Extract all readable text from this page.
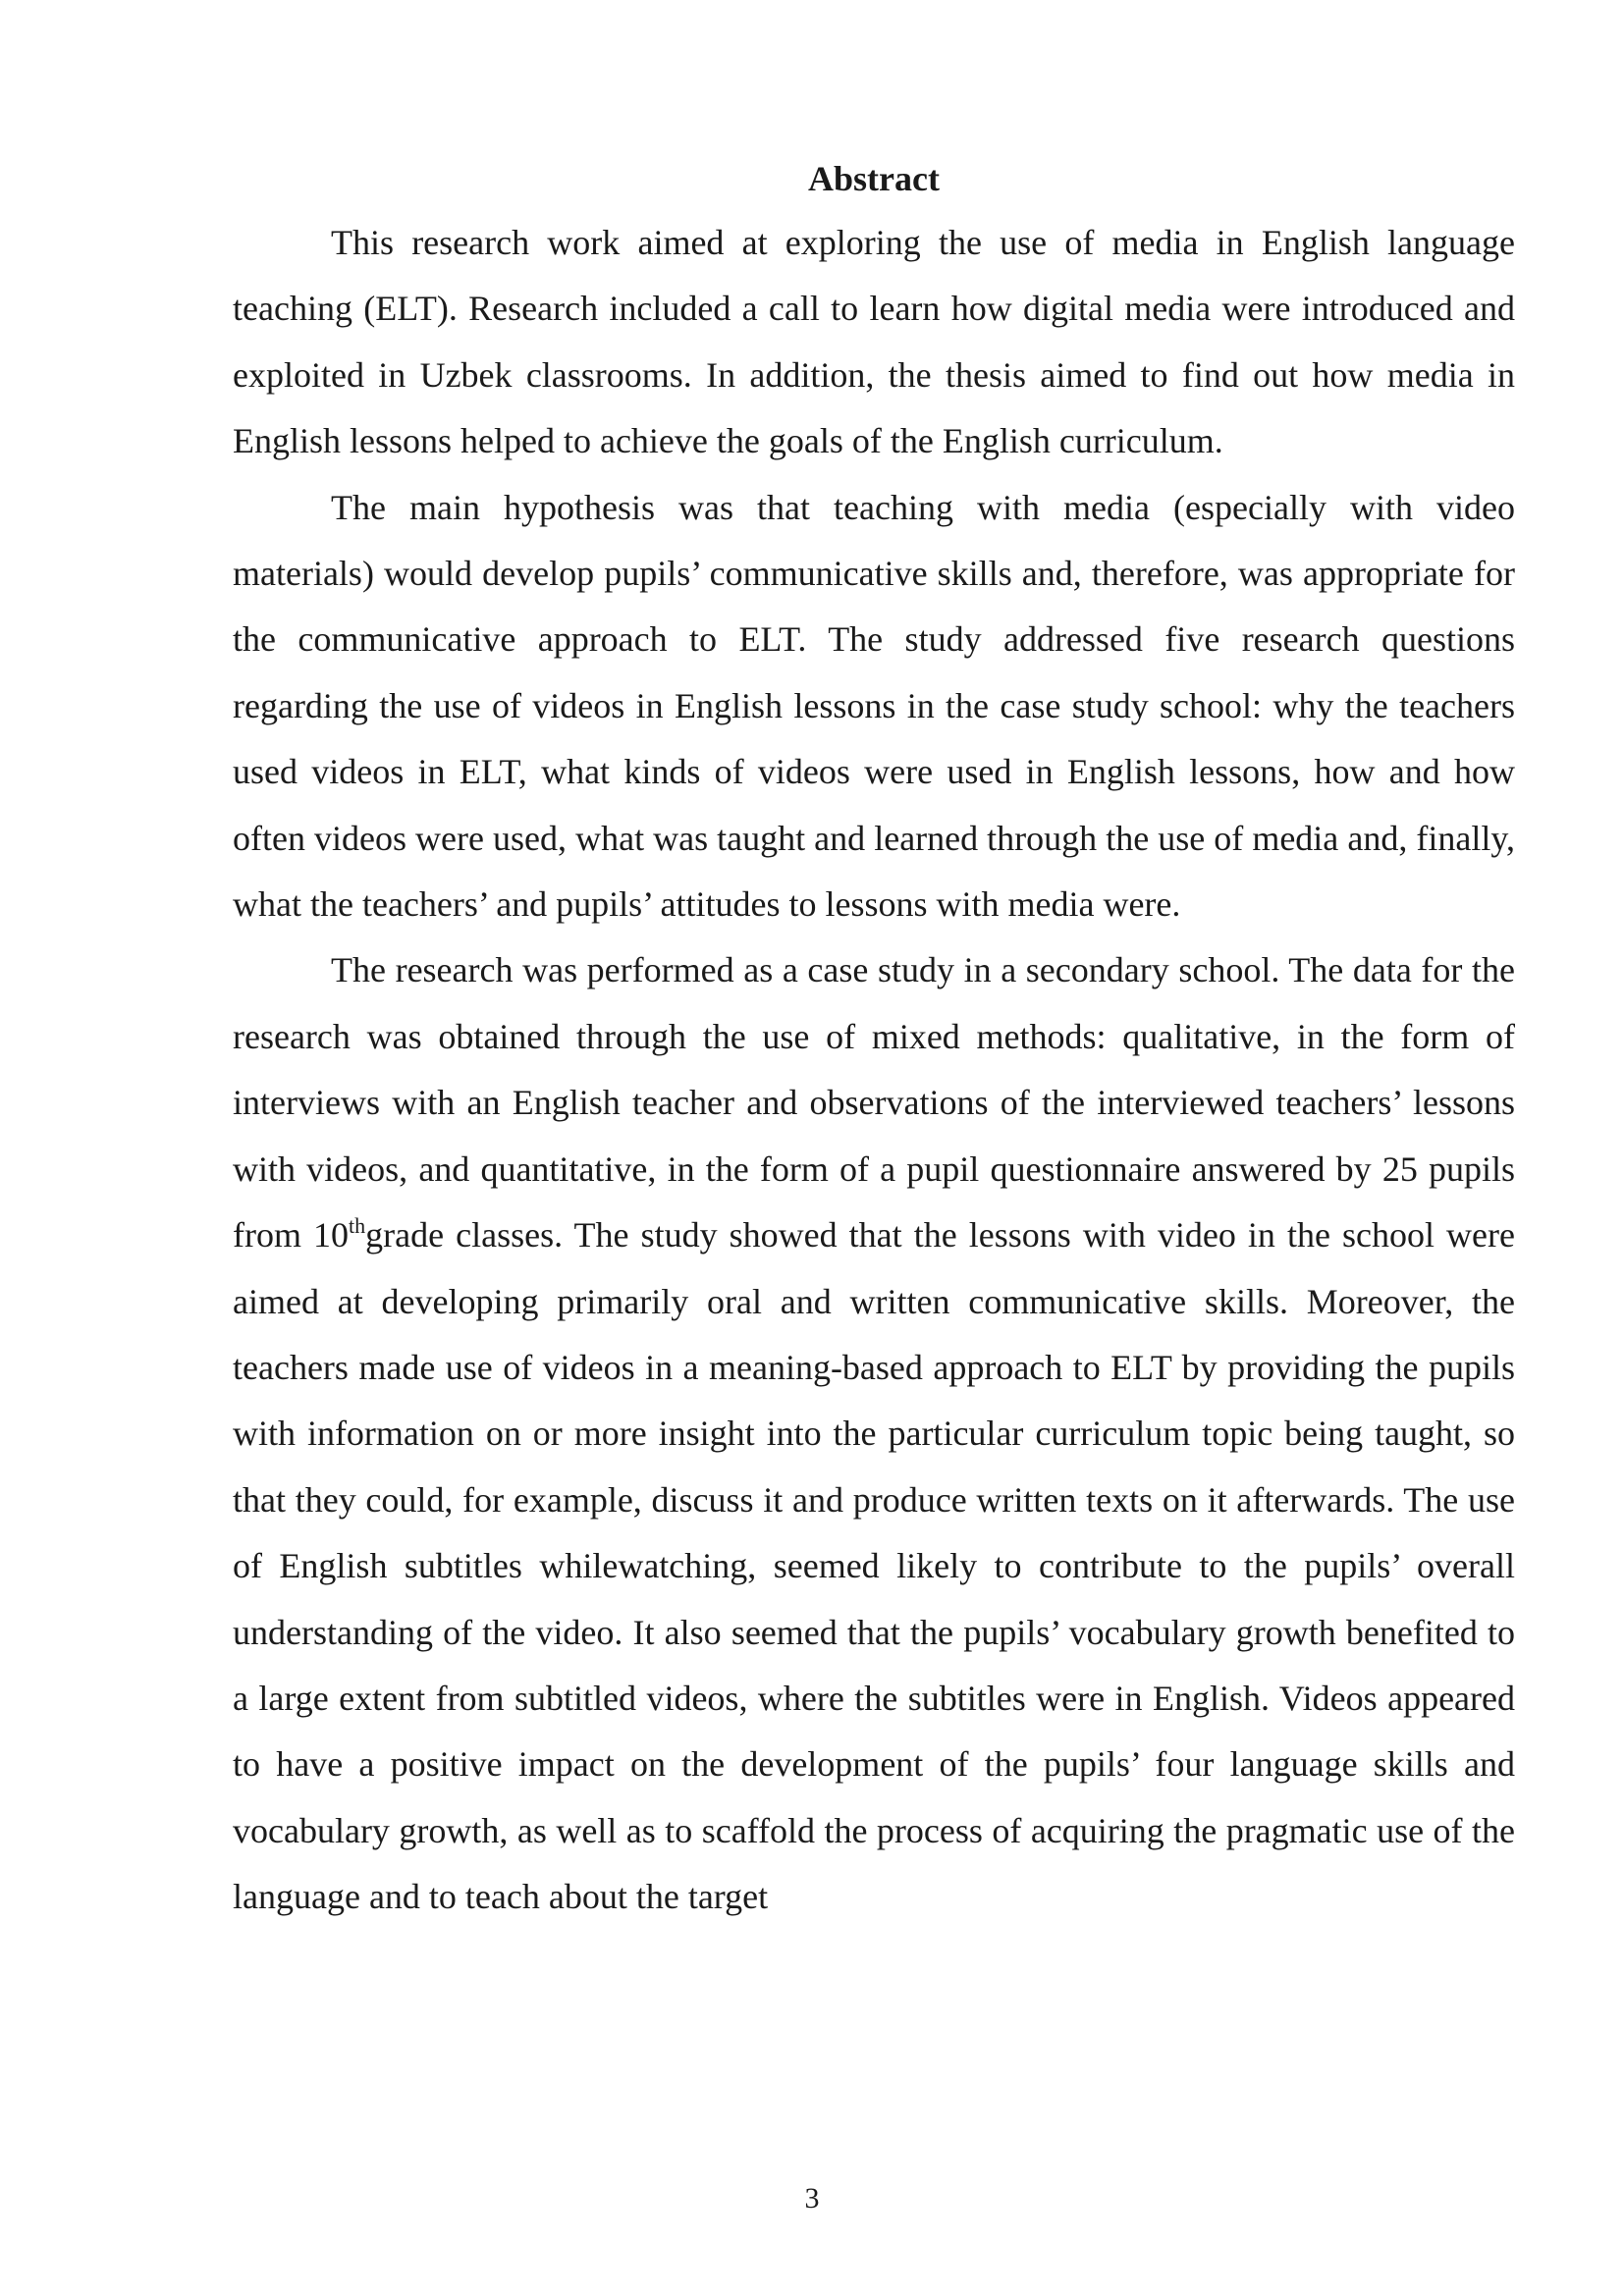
Abstract

This research work aimed at exploring the use of media in English language teaching (ELT). Research included a call to learn how digital media were introduced and exploited in Uzbek classrooms. In addition, the thesis aimed to find out how media in English lessons helped to achieve the goals of the English curriculum.

The main hypothesis was that teaching with media (especially with video materials) would develop pupils’ communicative skills and, therefore, was appropriate for the communicative approach to ELT. The study addressed five research questions regarding the use of videos in English lessons in the case study school: why the teachers used videos in ELT, what kinds of videos were used in English lessons, how and how often videos were used, what was taught and learned through the use of media and, finally, what the teachers’ and pupils’ attitudes to lessons with media were.

The research was performed as a case study in a secondary school. The data for the research was obtained through the use of mixed methods: qualitative, in the form of interviews with an English teacher and observations of the interviewed teachers’ lessons with videos, and quantitative, in the form of a pupil questionnaire answered by 25 pupils from 10thgrade classes. The study showed that the lessons with video in the school were aimed at developing primarily oral and written communicative skills. Moreover, the teachers made use of videos in a meaning-based approach to ELT by providing the pupils with information on or more insight into the particular curriculum topic being taught, so that they could, for example, discuss it and produce written texts on it afterwards. The use of English subtitles whilewatching, seemed likely to contribute to the pupils’ overall understanding of the video. It also seemed that the pupils’ vocabulary growth benefited to a large extent from subtitled videos, where the subtitles were in English. Videos appeared to have a positive impact on the development of the pupils’ four language skills and vocabulary growth, as well as to scaffold the process of acquiring the pragmatic use of the language and to teach about the target

3
